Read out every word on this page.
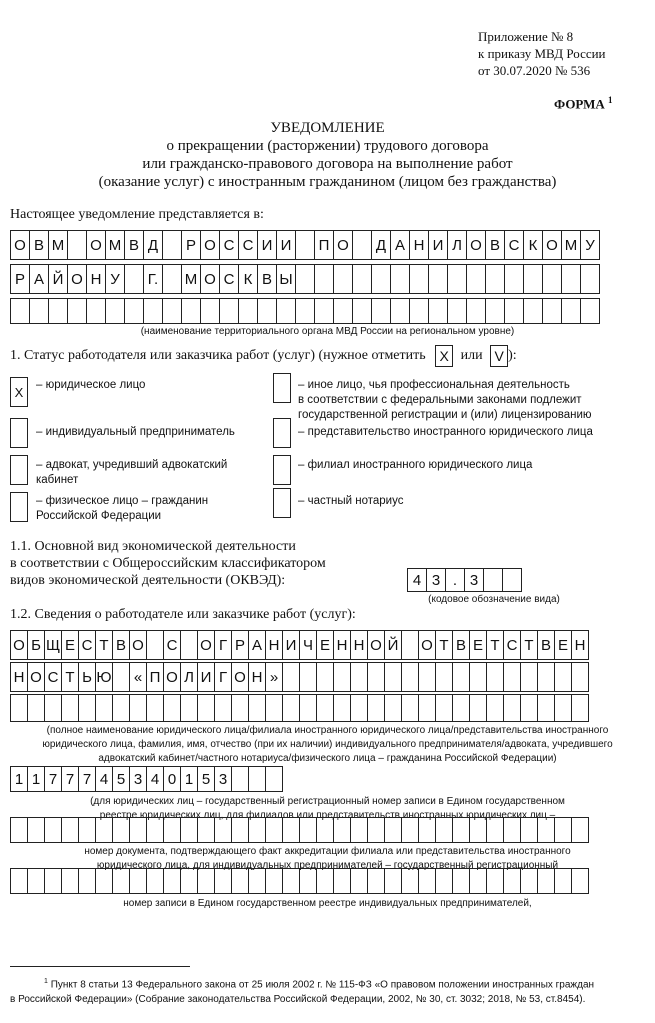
Приложение № 8
к приказу МВД России
от 30.07.2020 № 536
ФОРМА $^1$
УВЕДОМЛЕНИЕ
о прекращении (расторжении) трудового договора
или гражданско-правового договора на выполнение работ
(оказание услуг) с иностранным гражданином (лицом без гражданства)
Настоящее уведомление представляется в:
О В М О М В Д	Р О С С И И	П О	Д А Н И Л О В С К О М У
Р А Й О Н У	Г.	М О С К В Ы
(наименование территориального органа МВД России на региональном уровне)
1. Статус работодателя или заказчика работ (услуг) (нужное отметить X или V ):
X	– юридическое лицо
– индивидуальный предприниматель
– адвокат, учредивший адвокатский
кабинет
– физическое лицо – гражданин
Российской Федерации
– иное лицо, чья профессиональная деятельность
в соответствии с федеральными законами подлежит
государственной регистрации и (или) лицензированию
– представительство иностранного юридического лица
– филиал иностранного юридического лица
– частный нотариус
1.1. Основной вид экономической деятельности
в соответствии с Общероссийским классификатором
видов экономической деятельности (ОКВЭД):	4 3 . 3
(кодовое обозначение вида)
1.2. Сведения о работодателе или заказчике работ (услуг):
О Б Щ Е С Т В О С О Г Р А Н И Ч Е Н Н О Й О Т В Е Т С Т В Е Н
Н О С Т Ь Ю	« П О Л И Г О Н »
(полное наименование юридического лица/филиала иностранного юридического лица/представительства иностранного
юридического лица, фамилия, имя, отчество (при их наличии) индивидуального предпринимателя/адвоката, учредившего
адвокатский кабинет/частного нотариуса/физического лица – гражданина Российской Федерации)
1 1 7 7 7 4 5 3 4 0 1 5 3
(для юридических лиц – государственный регистрационный номер записи в Едином государственном
реестре юридических лиц, для филиалов или представительств иностранных юридических лиц –
номер документа, подтверждающего факт аккредитации филиала или представительства иностранного
юридического лица, для индивидуальных предпринимателей – государственный регистрационный
номер записи в Едином государственном реестре индивидуальных предпринимателей,
$^1$ Пункт 8 статьи 13 Федерального закона от 25 июля 2002 г. № 115-ФЗ «О правовом положении иностранных граждан
в Российской Федерации» (Собрание законодательства Российской Федерации, 2002, № 30, ст. 3032; 2018, № 53, ст.8454).
